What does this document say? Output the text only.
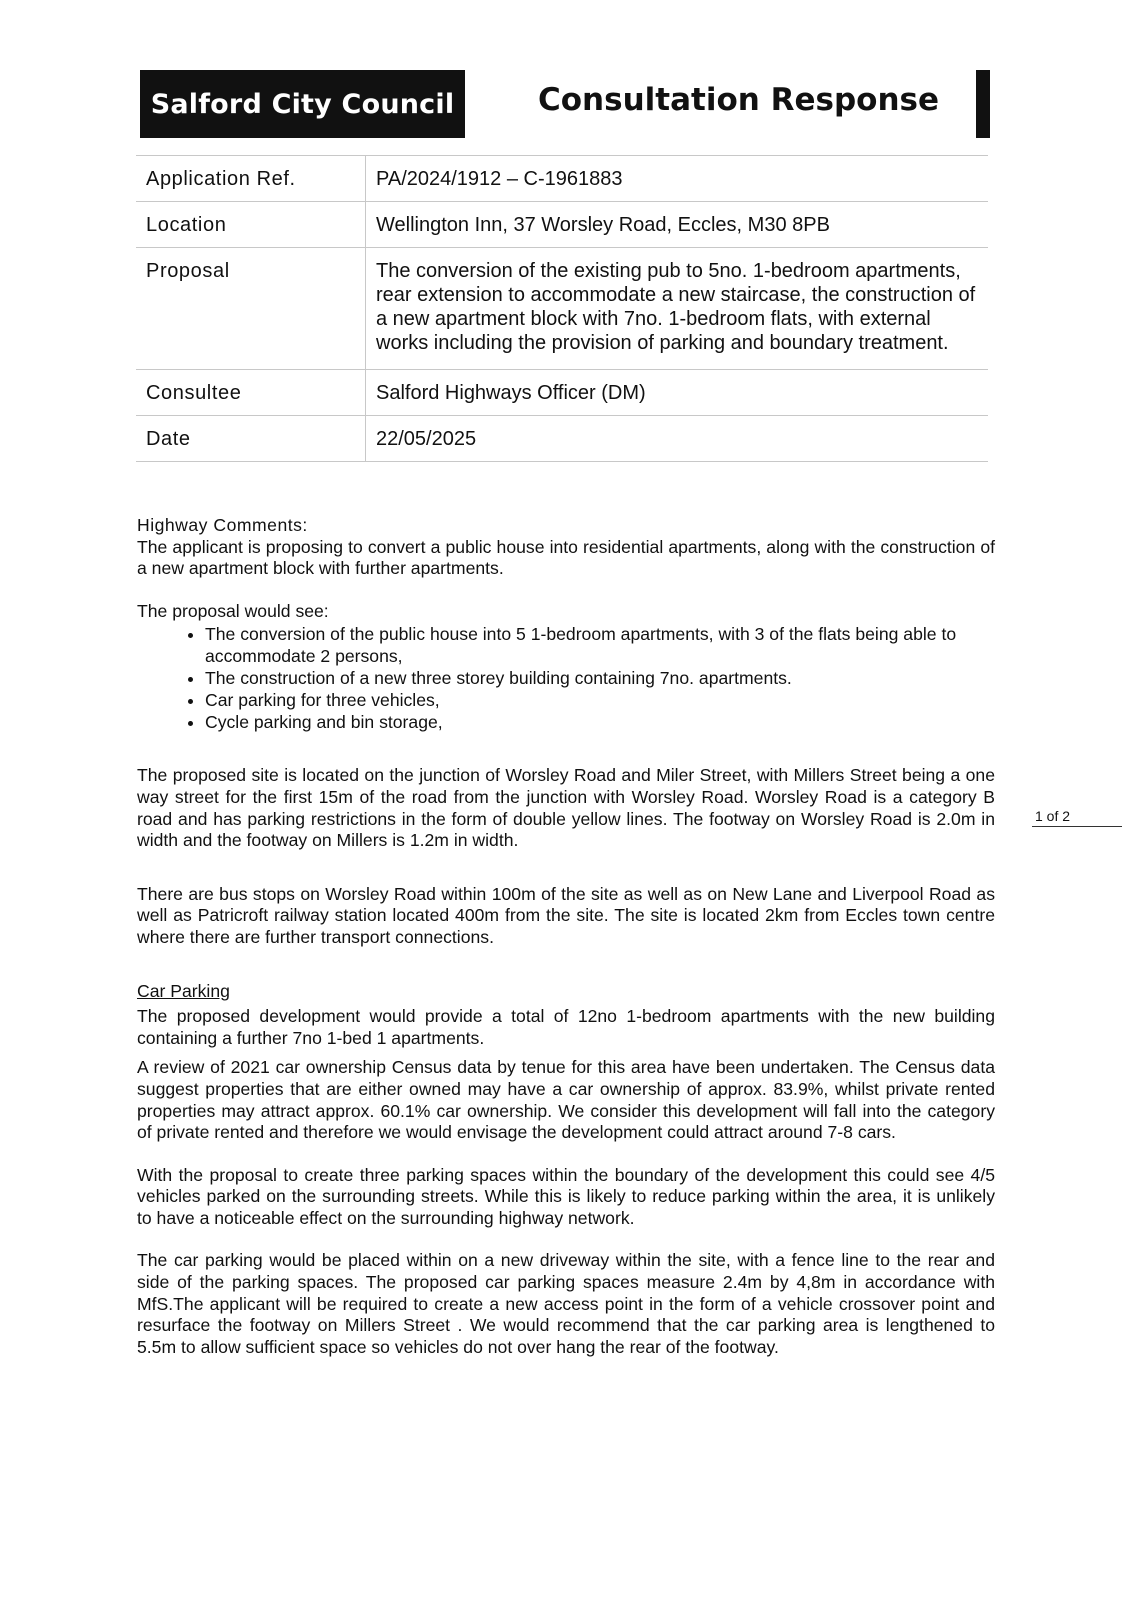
Salford City Council	Consultation Response
Application Ref.	PA/2024/1912 – C-1961883
Location	Wellington Inn, 37 Worsley Road, Eccles, M30 8PB
Proposal	The conversion of the existing pub to 5no. 1-bedroom apartments, rear extension to accommodate a new staircase, the construction of a new apartment block with 7no. 1-bedroom flats, with external works including the provision of parking and boundary treatment.
Consultee	Salford Highways Officer (DM)
Date	22/05/2025

Highway Comments:

The applicant is proposing to convert a public house into residential apartments, along with the construction of a new apartment block with further apartments.

The proposal would see:

• The conversion of the public house into 5 1-bedroom apartments, with 3 of the flats being able to accommodate 2 persons,
• The construction of a new three storey building containing 7no. apartments.
• Car parking for three vehicles,
• Cycle parking and bin storage,

The proposed site is located on the junction of Worsley Road and Miler Street, with Millers Street being a one way street for the first 15m of the road from the junction with Worsley Road. Worsley Road is a category B road and has parking restrictions in the form of double yellow lines. The footway on Worsley Road is 2.0m in width and the footway on Millers is 1.2m in width.

There are bus stops on Worsley Road within 100m of the site as well as on New Lane and Liverpool Road as well as Patricroft railway station located 400m from the site. The site is located 2km from Eccles town centre where there are further transport connections.

Car Parking

The proposed development would provide a total of 12no 1-bedroom apartments with the new building containing a further 7no 1-bed 1 apartments.

A review of 2021 car ownership Census data by tenue for this area have been undertaken. The Census data suggest properties that are either owned may have a car ownership of approx. 83.9%, whilst private rented properties may attract approx. 60.1% car ownership. We consider this development will fall into the category of private rented and therefore we would envisage the development could attract around 7-8 cars.

With the proposal to create three parking spaces within the boundary of the development this could see 4/5 vehicles parked on the surrounding streets. While this is likely to reduce parking within the area, it is unlikely to have a noticeable effect on the surrounding highway network.

The car parking would be placed within on a new driveway within the site, with a fence line to the rear and side of the parking spaces. The proposed car parking spaces measure 2.4m by 4,8m in accordance with MfS.The applicant will be required to create a new access point in the form of a vehicle crossover point and resurface the footway on Millers Street . We would recommend that the car parking area is lengthened to 5.5m to allow sufficient space so vehicles do not over hang the rear of the footway.

1 of 2
